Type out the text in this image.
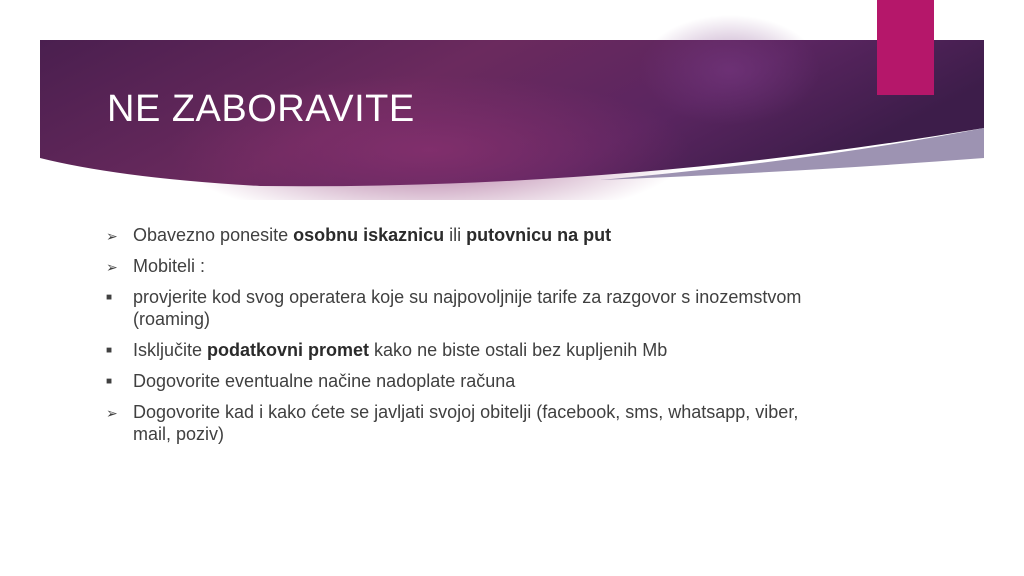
NE ZABORAVITE
➢ Obavezno ponesite osobnu iskaznicu ili putovnicu na put
➢ Mobiteli :
■	provjerite kod svog operatera koje su najpovoljnije tarife za razgovor s inozemstvom (roaming)
■	Isključite podatkovni promet kako ne biste ostali bez kupljenih Mb
■	Dogovorite eventualne načine nadoplate računa
➢ Dogovorite kad i kako ćete se javljati svojoj obitelji (facebook, sms, whatsapp, viber, mail, poziv)
